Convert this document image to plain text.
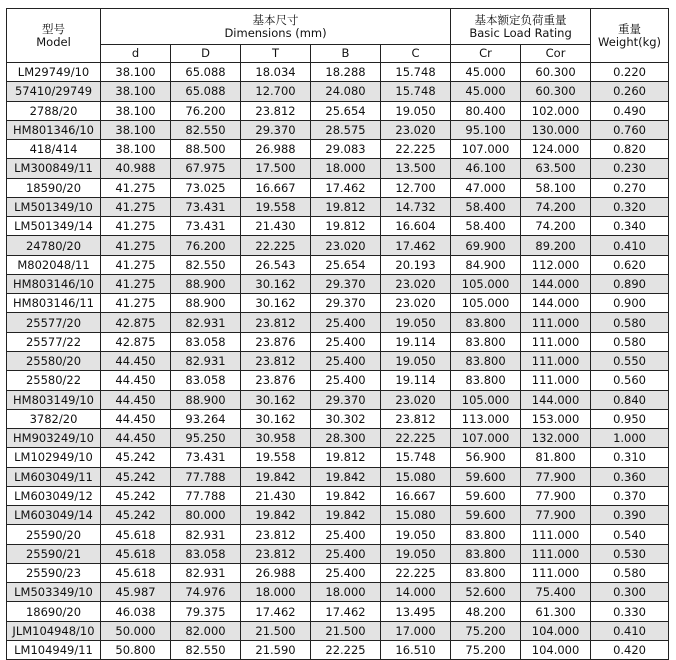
型号
Model	基本尺寸
Dimensions (mm)					基本额定负荷重量
Basic Load Rating		重量
Weight(kg)

	d	D	T	B	C	Cr	Cor	
LM29749/10	38.100	65.088	18.034	18.288	15.748	45.000	60.300	0.220
57410/29749	38.100	65.088	12.700	24.080	15.748	45.000	60.300	0.260
2788/20	38.100	76.200	23.812	25.654	19.050	80.400	102.000	0.490
HM801346/10	38.100	82.550	29.370	28.575	23.020	95.100	130.000	0.760
418/414	38.100	88.500	26.988	29.083	22.225	107.000	124.000	0.820
LM300849/11	40.988	67.975	17.500	18.000	13.500	46.100	63.500	0.230
18590/20	41.275	73.025	16.667	17.462	12.700	47.000	58.100	0.270
LM501349/10	41.275	73.431	19.558	19.812	14.732	58.400	74.200	0.320
LM501349/14	41.275	73.431	21.430	19.812	16.604	58.400	74.200	0.340
24780/20	41.275	76.200	22.225	23.020	17.462	69.900	89.200	0.410
M802048/11	41.275	82.550	26.543	25.654	20.193	84.900	112.000	0.620
HM803146/10	41.275	88.900	30.162	29.370	23.020	105.000	144.000	0.890
HM803146/11	41.275	88.900	30.162	29.370	23.020	105.000	144.000	0.900
25577/20	42.875	82.931	23.812	25.400	19.050	83.800	111.000	0.580
25577/22	42.875	83.058	23.876	25.400	19.114	83.800	111.000	0.580
25580/20	44.450	82.931	23.812	25.400	19.050	83.800	111.000	0.550
25580/22	44.450	83.058	23.876	25.400	19.114	83.800	111.000	0.560
HM803149/10	44.450	88.900	30.162	29.370	23.020	105.000	144.000	0.840
3782/20	44.450	93.264	30.162	30.302	23.812	113.000	153.000	0.950
HM903249/10	44.450	95.250	30.958	28.300	22.225	107.000	132.000	1.000
LM102949/10	45.242	73.431	19.558	19.812	15.748	56.900	81.800	0.310
LM603049/11	45.242	77.788	19.842	19.842	15.080	59.600	77.900	0.360
LM603049/12	45.242	77.788	21.430	19.842	16.667	59.600	77.900	0.370
LM603049/14	45.242	80.000	19.842	19.842	15.080	59.600	77.900	0.390
25590/20	45.618	82.931	23.812	25.400	19.050	83.800	111.000	0.540
25590/21	45.618	83.058	23.812	25.400	19.050	83.800	111.000	0.530
25590/23	45.618	82.931	26.988	25.400	22.225	83.800	111.000	0.580
LM503349/10	45.987	74.976	18.000	18.000	14.000	52.600	75.400	0.300
18690/20	46.038	79.375	17.462	17.462	13.495	48.200	61.300	0.330
JLM104948/10	50.000	82.000	21.500	21.500	17.000	75.200	104.000	0.410
LM104949/11	50.800	82.550	21.590	22.225	16.510	75.200	104.000	0.420
